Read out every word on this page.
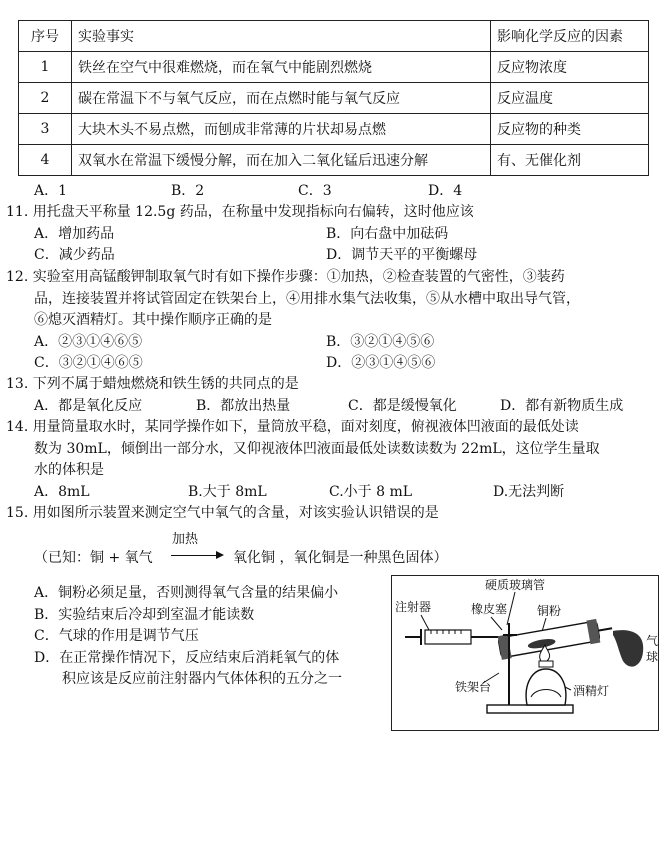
序号	实验事实	影响化学反应的因素
1	铁丝在空气中很难燃烧，而在氧气中能剧烈燃烧	反应物浓度
2	碳在常温下不与氧气反应，而在点燃时能与氧气反应	反应温度
3	大块木头不易点燃，而刨成非常薄的片状却易点燃	反应物的种类
4	双氧水在常温下缓慢分解，而在加入二氧化锰后迅速分解	有、无催化剂
A．1	B．2	C．3	D．4
11. 用托盘天平称量 12.5g 药品，在称量中发现指标向右偏转，这时他应该
A．增加药品	B．向右盘中加砝码
C．减少药品	D．调节天平的平衡螺母
12. 实验室用高锰酸钾制取氧气时有如下操作步骤：①加热，②检查装置的气密性，③装药
品，连接装置并将试管固定在铁架台上，④用排水集气法收集，⑤从水槽中取出导气管，
⑥熄灭酒精灯。其中操作顺序正确的是
A．②③①④⑥⑤	B．③②①④⑤⑥
C．③②①④⑥⑤	D．②③①④⑤⑥
13. 下列不属于蜡烛燃烧和铁生锈的共同点的是
A．都是氧化反应	B．都放出热量	C．都是缓慢氧化	D．都有新物质生成
14. 用量筒量取水时，某同学操作如下，量筒放平稳，面对刻度，俯视液体凹液面的最低处读
数为 30mL，倾倒出一部分水，又仰视液体凹液面最低处读数读数为 22mL，这位学生量取
水的体积是
A．8mL	B.大于 8mL	C.小于 8 mL	D.无法判断
15. 用如图所示装置来测定空气中氧气的含量，对该实验认识错误的是
（已知：铜 + 氧气
加热
氧化铜 ，氧化铜是一种黑色固体）
A．铜粉必须足量，否则测得氧气含量的结果偏小
B．实验结束后冷却到室温才能读数
C．气球的作用是调节气压
D．在正常操作情况下，反应结束后消耗氧气的体
积应该是反应前注射器内气体体积的五分之一
硬质玻璃管
注射器	橡皮塞 铜粉
气
球
铁架台	酒精灯
